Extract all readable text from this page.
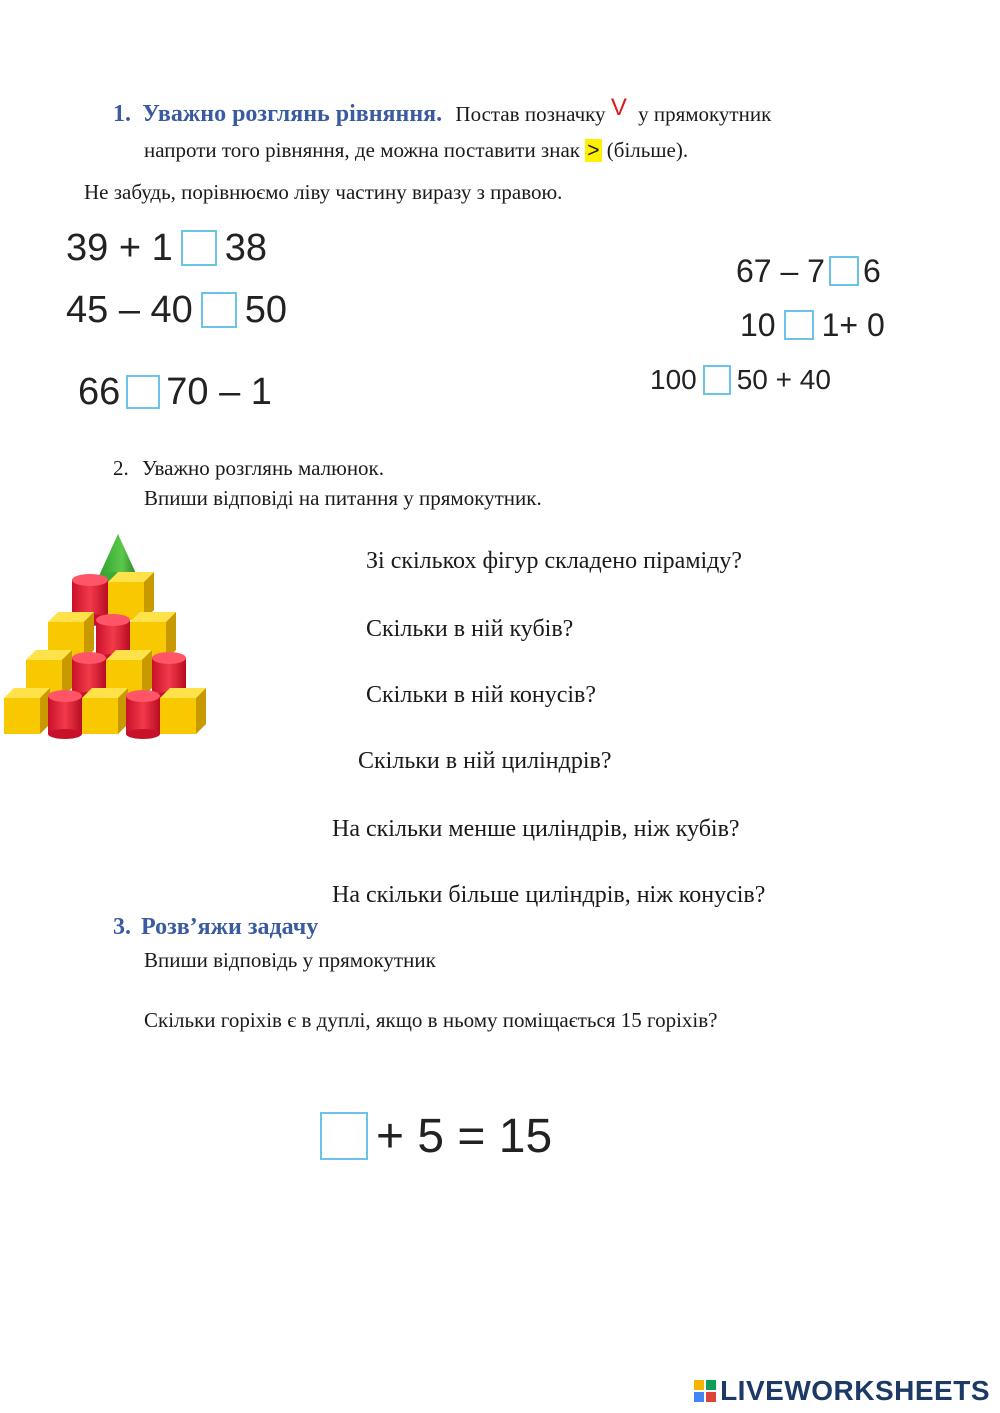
1. Уважно розглянь рівняння. Постав позначку V у прямокутник
напроти того рівняння, де можна поставити знак > (більше).
Не забудь, порівнюємо ліву частину виразу з правою.
39 + 1 38
45 – 40 50
66 70 – 1
67 – 7 6
10 1+ 0
100 50 + 40
2. Уважно розглянь малюнок.
Впиши відповіді на питання у прямокутник.
Зі скількох фігур складено піраміду?
Скільки в ній кубів?
Скільки в ній конусів?
Скільки в ній циліндрів?
На скільки менше циліндрів, ніж кубів?
На скільки більше циліндрів, ніж конусів?
3. Розв’яжи задачу
Впиши відповідь у прямокутник
Скільки горіхів є в дуплі, якщо в ньому поміщається 15 горіхів?
+ 5 = 15
LIVEWORKSHEETS
